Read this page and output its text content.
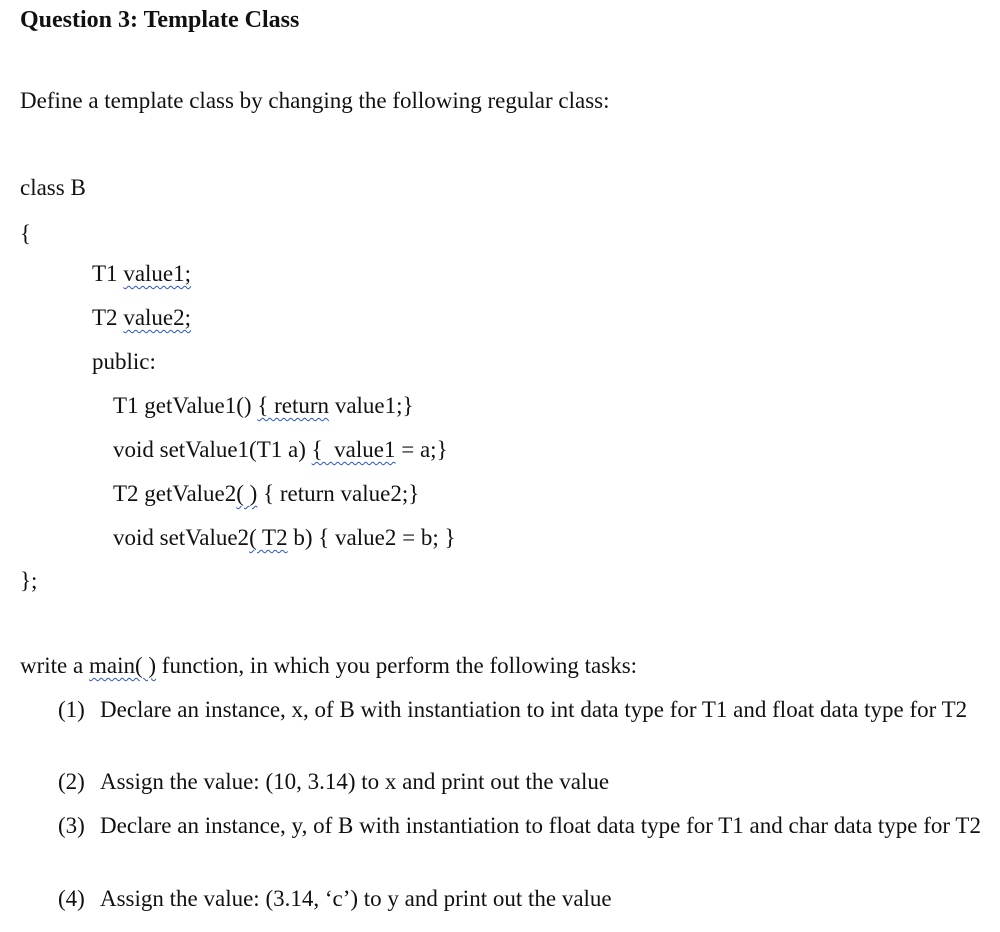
Question 3: Template Class
Define a template class by changing the following regular class:
class B
{
T1 value1;
T2 value2;
public:
T1 getValue1() { return value1;}
void setValue1(T1 a) {  value1 = a;}
T2 getValue2( ) { return value2;}
void setValue2( T2 b) { value2 = b; }
};
write a main( ) function, in which you perform the following tasks:
(1) Declare an instance, x, of B with instantiation to int data type for T1 and float data type for T2
(2) Assign the value: (10, 3.14) to x and print out the value
(3) Declare an instance, y, of B with instantiation to float data type for T1 and char data type for T2
(4) Assign the value: (3.14, ‘c’) to y and print out the value
